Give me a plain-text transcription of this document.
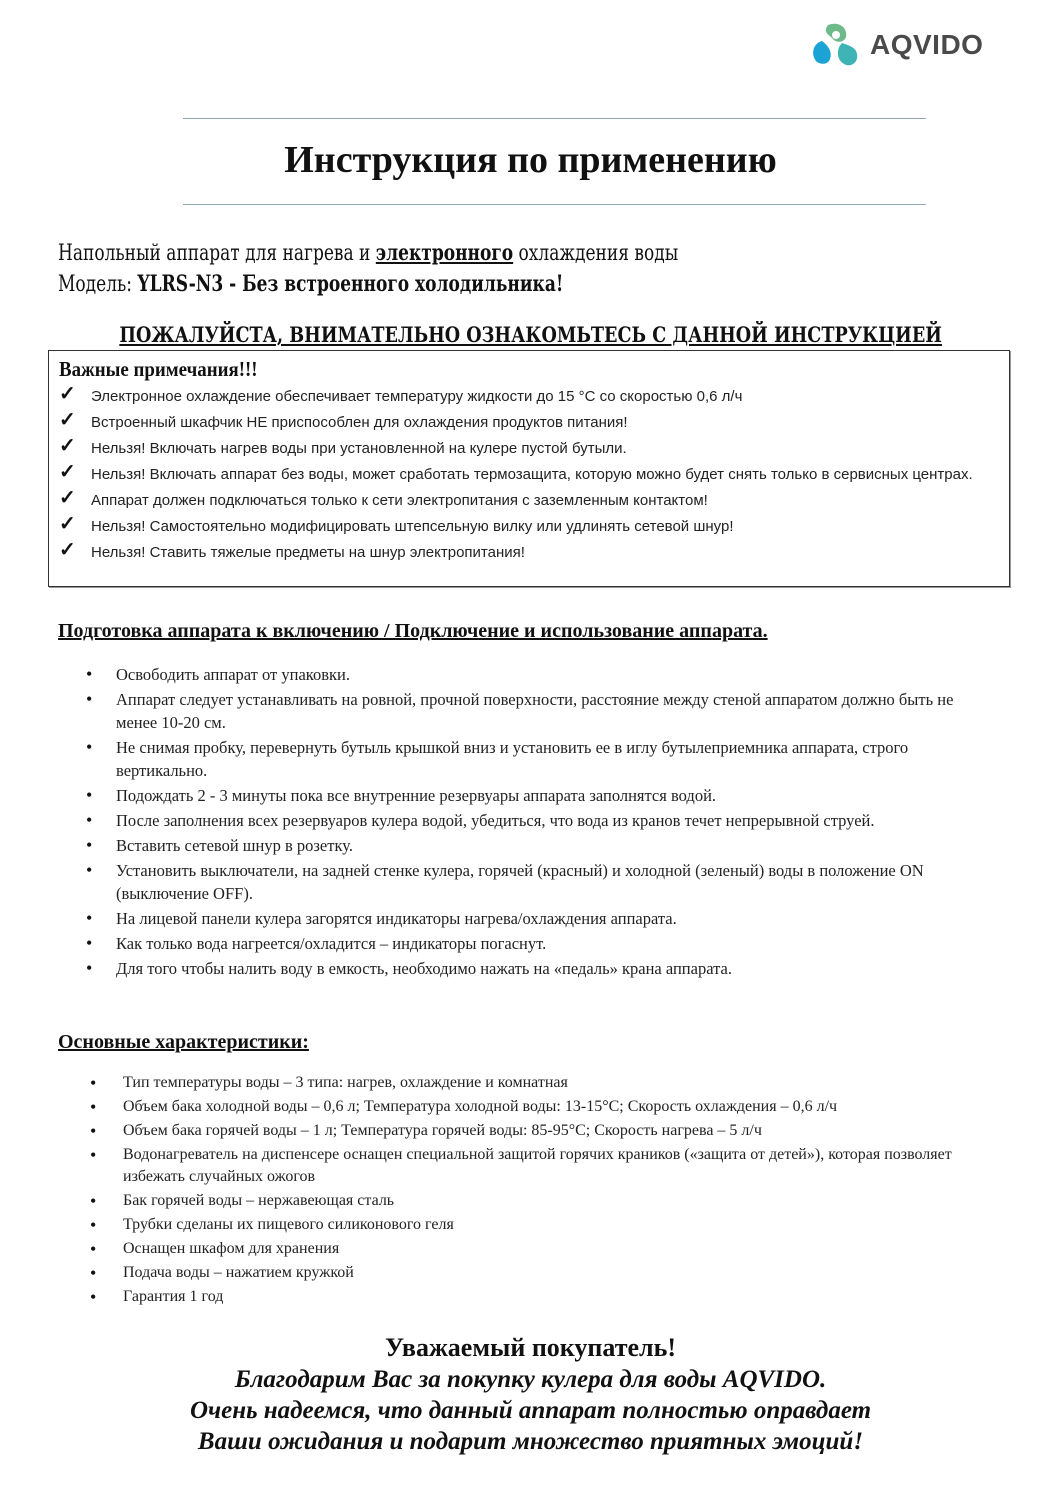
AQVIDO
Инструкция по применению
Напольный аппарат для нагрева и электронного охлаждения воды
Модель: YLRS-N3 - Без встроенного холодильника!
ПОЖАЛУЙСТА, ВНИМАТЕЛЬНО ОЗНАКОМЬТЕСЬ С ДАННОЙ ИНСТРУКЦИЕЙ
Важные примечания!!!
✓ Электронное охлаждение обеспечивает температуру жидкости до 15 °С со скоростью 0,6 л/ч
✓ Встроенный шкафчик НЕ приспособлен для охлаждения продуктов питания!
✓ Нельзя! Включать нагрев воды при установленной на кулере пустой бутыли.
✓ Нельзя! Включать аппарат без воды, может сработать термозащита, которую можно будет снять только в сервисных центрах.
✓ Аппарат должен подключаться только к сети электропитания с заземленным контактом!
✓ Нельзя! Самостоятельно модифицировать штепсельную вилку или удлинять сетевой шнур!
✓ Нельзя! Ставить тяжелые предметы на шнур электропитания!
Подготовка аппарата к включению / Подключение и использование аппарата.
• Освободить аппарат от упаковки.
• Аппарат следует устанавливать на ровной, прочной поверхности, расстояние между стеной аппаратом должно быть не менее 10-20 см.
• Не снимая пробку, перевернуть бутыль крышкой вниз и установить ее в иглу бутылеприемника аппарата, строго вертикально.
• Подождать 2 - 3 минуты пока все внутренние резервуары аппарата заполнятся водой.
• После заполнения всех резервуаров кулера водой, убедиться, что вода из кранов течет непрерывной струей.
• Вставить сетевой шнур в розетку.
• Установить выключатели, на задней стенке кулера, горячей (красный) и холодной (зеленый) воды в положение ON (выключение OFF).
• На лицевой панели кулера загорятся индикаторы нагрева/охлаждения аппарата.
• Как только вода нагреется/охладится – индикаторы погаснут.
• Для того чтобы налить воду в емкость, необходимо нажать на «педаль» крана аппарата.
Основные характеристики:
• Тип температуры воды – 3 типа: нагрев, охлаждение и комнатная
• Объем бака холодной воды – 0,6 л; Температура холодной воды: 13-15°С; Скорость охлаждения – 0,6 л/ч
• Объем бака горячей воды – 1 л; Температура горячей воды: 85-95°С; Скорость нагрева – 5 л/ч
• Водонагреватель на диспенсере оснащен специальной защитой горячих краников («защита от детей»), которая позволяет избежать случайных ожогов
• Бак горячей воды – нержавеющая сталь
• Трубки сделаны их пищевого силиконового геля
• Оснащен шкафом для хранения
• Подача воды – нажатием кружкой
• Гарантия 1 год
Уважаемый покупатель!
Благодарим Вас за покупку кулера для воды AQVIDO.
Очень надеемся, что данный аппарат полностью оправдает
Ваши ожидания и подарит множество приятных эмоций!
